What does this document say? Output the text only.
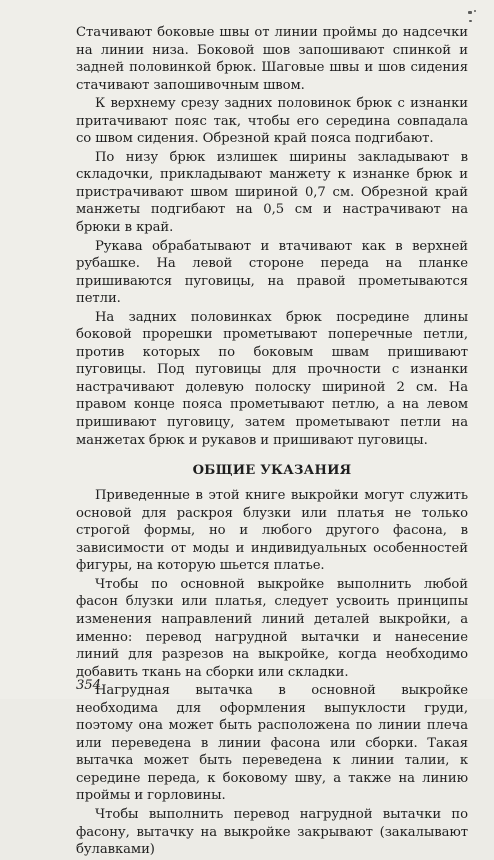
Стачивают боковые швы от линии проймы до надсечки на линии низа. Боковой шов запошивают спинкой и задней половинкой брюк. Шаговые швы и шов сидения стачивают запошивочным швом.

К верхнему срезу задних половинок брюк с изнанки притачивают пояс так, чтобы его середина совпадала со швом сидения. Обрезной край пояса подгибают.

По низу брюк излишек ширины закладывают в складочки, прикладывают манжету к изнанке брюк и пристрачивают швом шириной 0,7 см. Обрезной край манжеты подгибают на 0,5 см и настрачивают на брюки в край.

Рукава обрабатывают и втачивают как в верхней рубашке. На левой стороне переда на планке пришиваются пуговицы, на правой прометываются петли.

На задних половинках брюк посредине длины боковой прорешки прометывают поперечные петли, против которых по боковым швам пришивают пуговицы. Под пуговицы для прочности с изнанки настрачивают долевую полоску шириной 2 см. На правом конце пояса прометывают петлю, а на левом пришивают пуговицу, затем прометывают петли на манжетах брюк и рукавов и пришивают пуговицы.

ОБЩИЕ УКАЗАНИЯ

Приведенные в этой книге выкройки могут служить основой для раскроя блузки или платья не только строгой формы, но и любого другого фасона, в зависимости от моды и индивидуальных особенностей фигуры, на которую шьется платье.

Чтобы по основной выкройке выполнить любой фасон блузки или платья, следует усвоить принципы изменения направлений линий деталей выкройки, а именно: перевод нагрудной вытачки и нанесение линий для разрезов на выкройке, когда необходимо добавить ткань на сборки или складки.

Нагрудная вытачка в основной выкройке необходима для оформления выпуклости груди, поэтому она может быть расположена по линии плеча или переведена в линии фасона или сборки. Такая вытачка может быть переведена к линии талии, к середине переда, к боковому шву, а также на линию проймы и горловины.

Чтобы выполнить перевод нагрудной вытачки по фасону, вытачку на выкройке закрывают (закалывают булавками)

354
